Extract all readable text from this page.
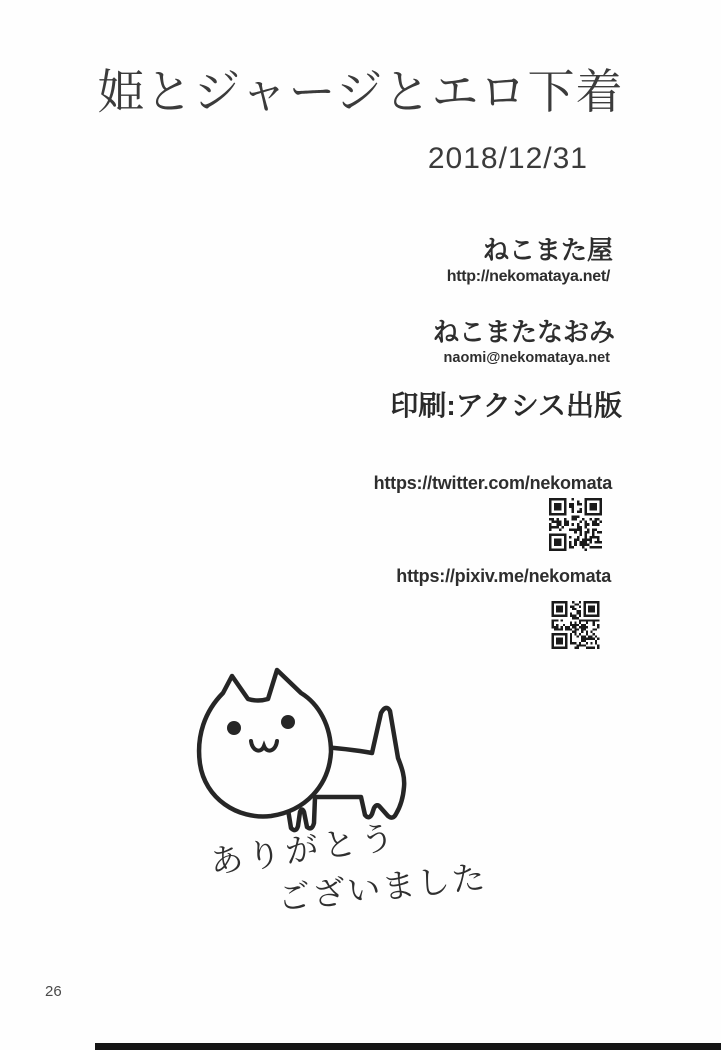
姫とジャージとエロ下着
2018/12/31
ねこまた屋
http://nekomataya.net/
ねこまたなおみ
naomi@nekomataya.net
印刷:アクシス出版
https://twitter.com/nekomata
https://pixiv.me/nekomata
ありがとう
ございました
26
